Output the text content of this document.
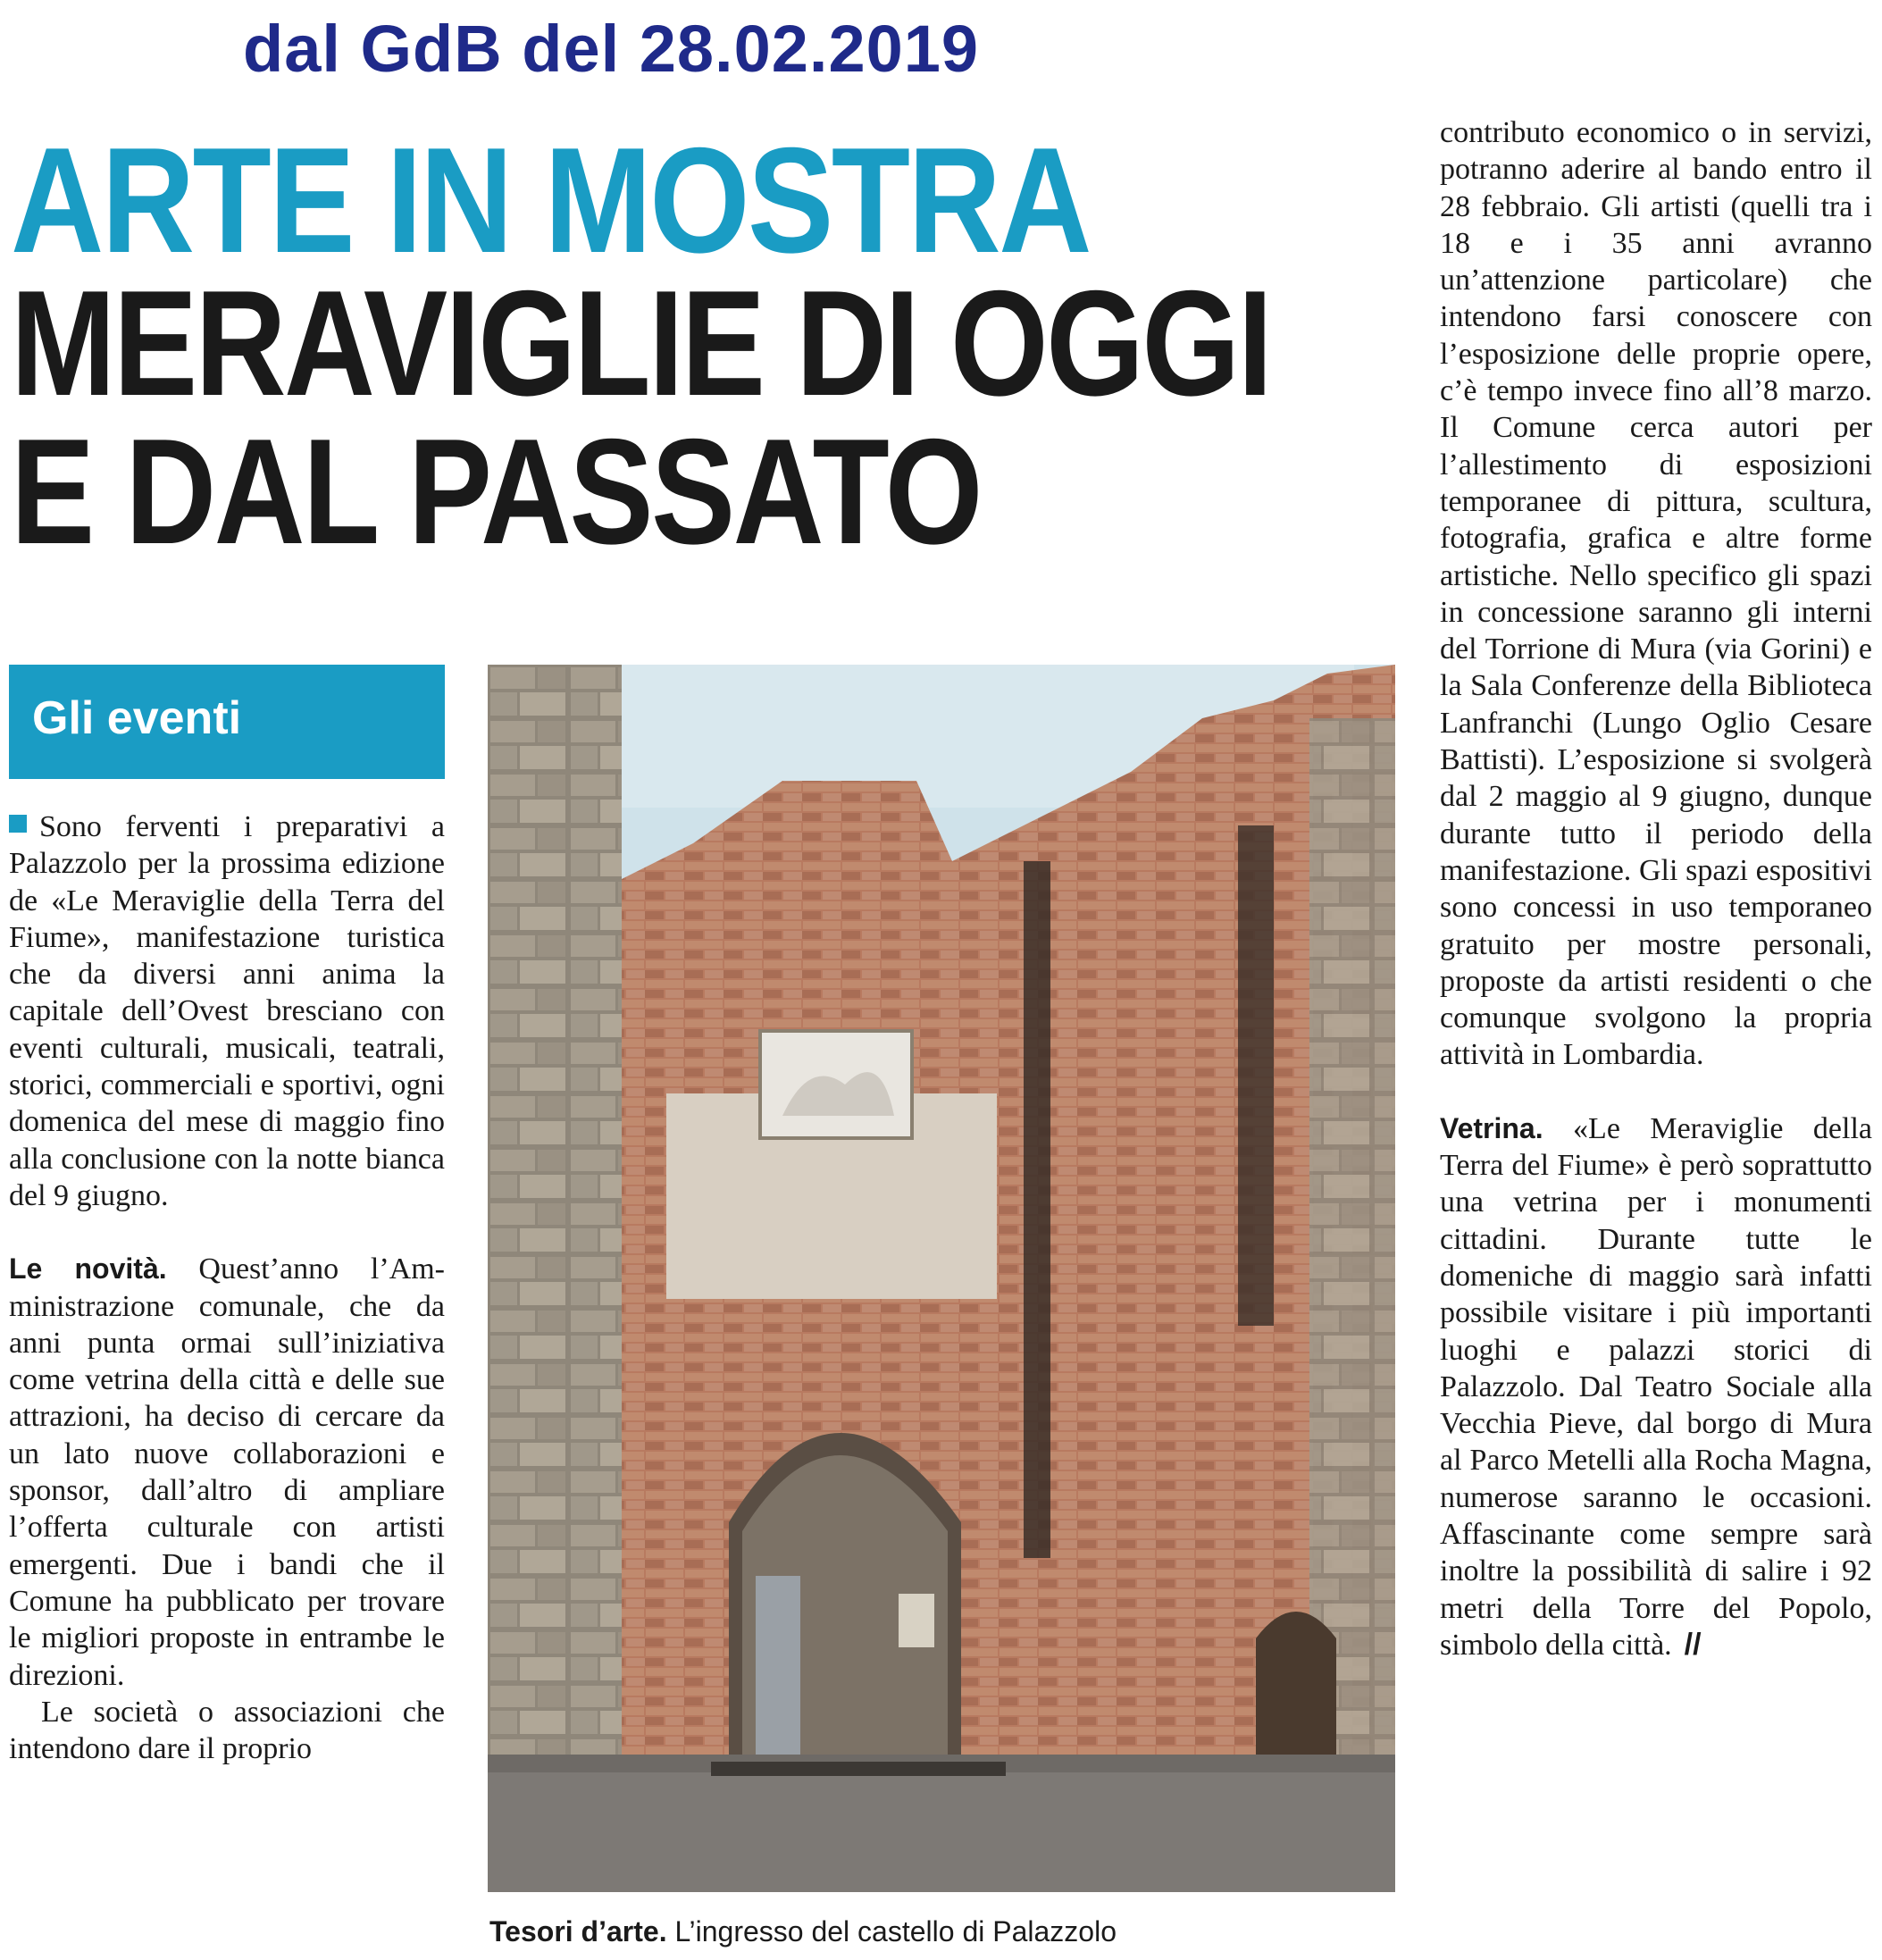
dal GdB del 28.02.2019
ARTE IN MOSTRA
MERAVIGLIE DI OGGI
E DAL PASSATO
Gli eventi

Sono ferventi i preparativi a Palazzolo per la prossima edizione de «Le Meraviglie della Terra del Fiume», manifestazione turistica che da diversi anni anima la capitale dell’Ovest bresciano con eventi culturali, musicali, teatrali, storici, commerciali e sportivi, ogni domenica del mese di maggio fino alla conclusione con la notte bianca del 9 giugno.

Le novità. Quest’anno l’Amministrazione comunale, che da anni punta ormai sull’iniziativa come vetrina della città e delle sue attrazioni, ha deciso di cercare da un lato nuove collaborazioni e sponsor, dall’altro di ampliare l’offerta culturale con artisti emergenti. Due i bandi che il Comune ha pubblicato per trovare le migliori proposte in entrambe le direzioni.

Le società o associazioni che intendono dare il proprio

Tesori d’arte. L’ingresso del castello di Palazzolo

contributo economico o in servizi, potranno aderire al bando entro il 28 febbraio. Gli artisti (quelli tra i 18 e i 35 anni avranno un’attenzione particolare) che intendono farsi conoscere con l’esposizione delle proprie opere, c’è tempo invece fino all’8 marzo. Il Comune cerca autori per l’allestimento di esposizioni temporanee di pittura, scultura, fotografia, grafica e altre forme artistiche. Nello specifico gli spazi in concessione saranno gli interni del Torrione di Mura (via Gorini) e la Sala Conferenze della Biblioteca Lanfranchi (Lungo Oglio Cesare Battisti). L’esposizione si svolgerà dal 2 maggio al 9 giugno, dunque durante tutto il periodo della manifestazione. Gli spazi espositivi sono concessi in uso temporaneo gratuito per mostre personali, proposte da artisti residenti o che comunque svolgono la propria attività in Lombardia.

Vetrina. «Le Meraviglie della Terra del Fiume» è però soprattutto una vetrina per i monumenti cittadini. Durante tutte le domeniche di maggio sarà infatti possibile visitare i più importanti luoghi e palazzi storici di Palazzolo. Dal Teatro Sociale alla Vecchia Pieve, dal borgo di Mura al Parco Metelli alla Rocha Magna, numerose saranno le occasioni. Affascinante come sempre sarà inoltre la possibilità di salire i 92 metri della Torre del Popolo, simbolo della città. //
